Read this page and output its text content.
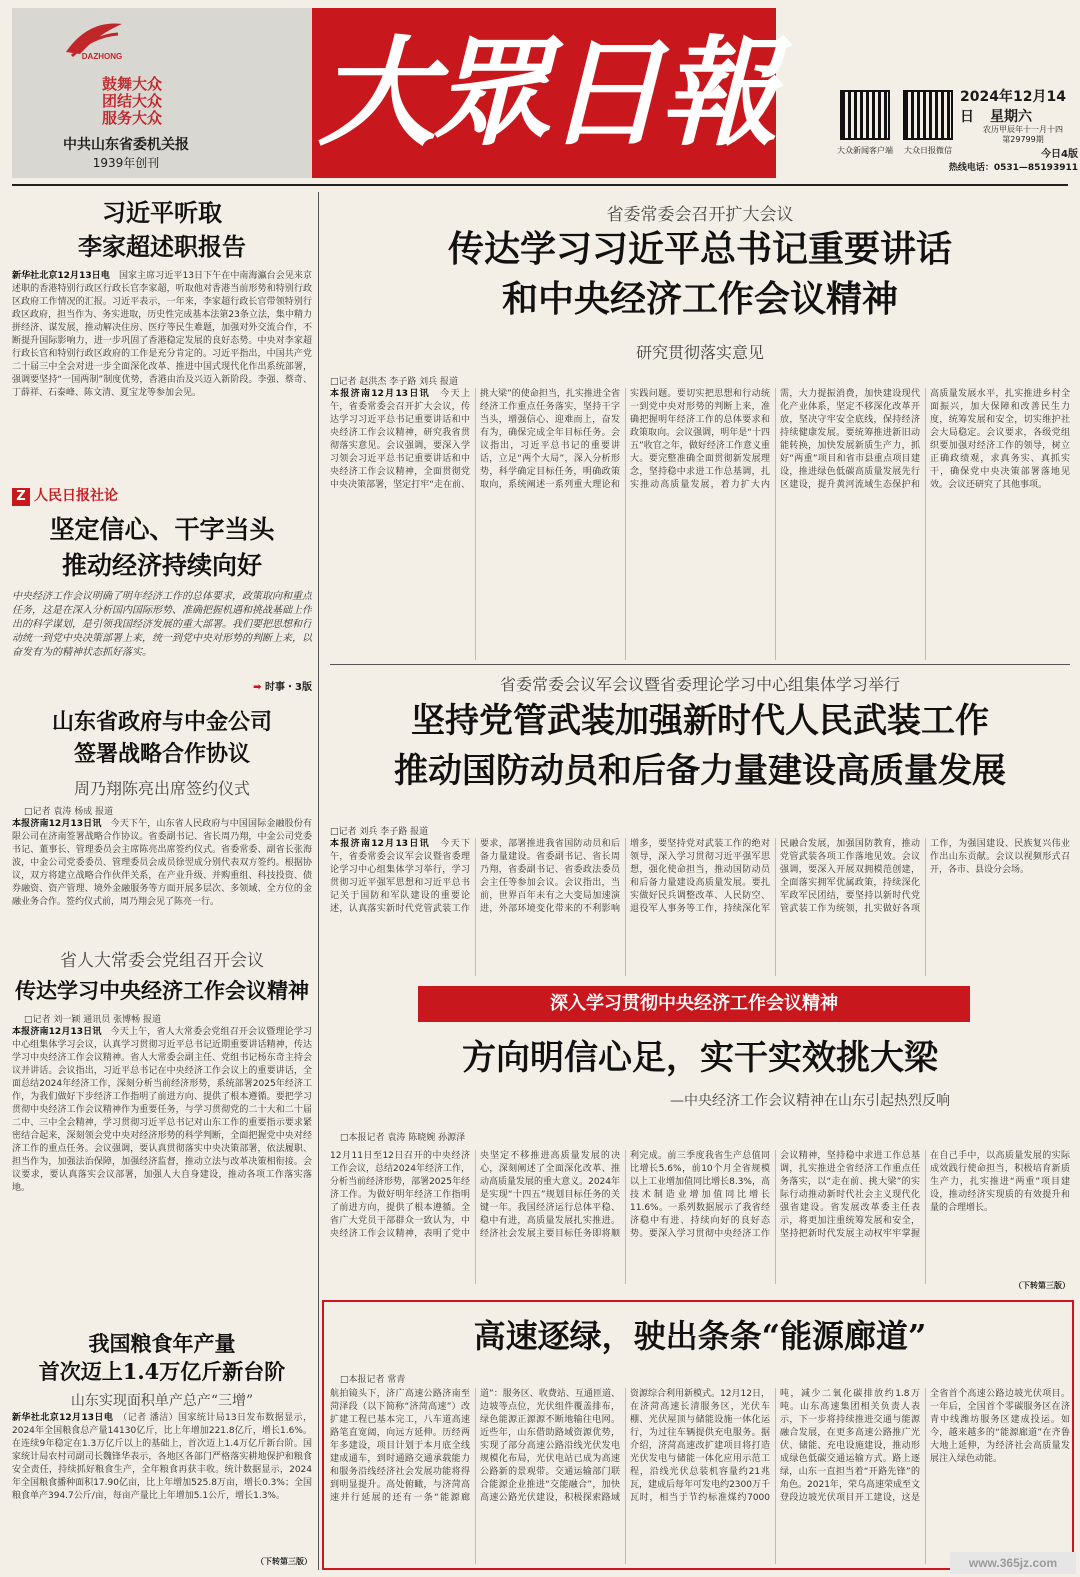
DAZHONG
鼓舞大众
团结大众
服务大众
中共山东省委机关报
1939年创刊
大眾日報	大众新闻客户端	大众日报微信
2024年12月14日	星期六
农历甲辰年十一月十四
第29799期
今日4版
热线电话：0531—85193911
习近平听取
李家超述职报告
新华社北京12月13日电　 国家主席习近平13日下午在中南海瀛台会见来京述职的香港特别行政区行政长官李家超，听取他对香港当前形势和特别行政区政府工作情况的汇报。习近平表示，一年来，李家超行政长官带领特别行政区政府，担当作为、务实进取，历史性完成基本法第23条立法，集中精力拼经济、谋发展，推动解决住房、医疗等民生难题，加强对外交流合作，不断提升国际影响力，进一步巩固了香港稳定发展的良好态势。中央对李家超行政长官和特别行政区政府的工作是充分肯定的。习近平指出，中国共产党二十届三中全会对进一步全面深化改革、推进中国式现代化作出系统部署，强调要坚持“一国两制”制度优势，香港由治及兴迈入新阶段。李强、蔡奇、丁薛祥、石泰峰、陈文清、夏宝龙等参加会见。
Z 人民日报社论
坚定信心、干字当头
推动经济持续向好
中央经济工作会议明确了明年经济工作的总体要求，政策取向和重点任务，这是在深入分析国内国际形势、准确把握机遇和挑战基础上作出的科学谋划，是引领我国经济发展的重大部署。我们要把思想和行动统一到党中央决策部署上来，统一到党中央对形势的判断上来，以奋发有为的精神状态抓好落实。
➡ 时事・3版
山东省政府与中金公司
签署战略合作协议
周乃翔陈亮出席签约仪式
□记者 袁涛 杨成 报道
本报济南12月13日讯　 今天下午，山东省人民政府与中国国际金融股份有限公司在济南签署战略合作协议。省委副书记、省长周乃翔，中金公司党委书记、董事长、管理委员会主席陈亮出席签约仪式。省委常委、副省长张海波，中金公司党委委员、管理委员会成员徐翌成分别代表双方签约。根据协议，双方将建立战略合作伙伴关系，在产业升级、并购重组、科技投资、债券融资、资产管理、境外金融服务等方面开展多层次、多领域、全方位的金融业务合作。签约仪式前，周乃翔会见了陈亮一行。
省人大常委会党组召开会议
传达学习中央经济工作会议精神
□记者 刘一颖 通讯员 张博畅 报道
本报济南12月13日讯　 今天上午，省人大常委会党组召开会议暨理论学习中心组集体学习会议，认真学习贯彻习近平总书记近期重要讲话精神，传达学习中央经济工作会议精神。省人大常委会副主任、党组书记杨东奇主持会议并讲话。会议指出，习近平总书记在中央经济工作会议上的重要讲话，全面总结2024年经济工作，深刻分析当前经济形势，系统部署2025年经济工作，为我们做好下步经济工作指明了前进方向、提供了根本遵循。要把学习贯彻中央经济工作会议精神作为重要任务，与学习贯彻党的二十大和二十届二中、三中全会精神，学习贯彻习近平总书记对山东工作的重要指示要求紧密结合起来，深刻领会党中央对经济形势的科学判断，全面把握党中央对经济工作的重点任务。会议强调，要认真贯彻落实中央决策部署，依法履职、担当作为，加强法治保障，加强经济监督，推动立法与改革决策相衔接。会议要求，要认真落实会议部署，加强人大自身建设，推动各项工作落实落地。
我国粮食年产量
首次迈上1.4万亿斤新台阶
山东实现面积单产总产“三增”
新华社北京12月13日电　 （记者 潘洁）国家统计局13日发布数据显示，2024年全国粮食总产量14130亿斤，比上年增加221.8亿斤，增长1.6%。在连续9年稳定在1.3万亿斤以上的基础上，首次迈上1.4万亿斤新台阶。国家统计局农村司副司长魏锋华表示，各地区各部门严格落实耕地保护和粮食安全责任，持续抓好粮食生产，全年粮食再获丰收。统计数据显示，2024年全国粮食播种面积17.90亿亩，比上年增加525.8万亩，增长0.3%；全国粮食单产394.7公斤/亩，每亩产量比上年增加5.1公斤，增长1.3%。
（下转第三版）
省委常委会召开扩大会议
传达学习习近平总书记重要讲话
和中央经济工作会议精神
研究贯彻落实意见
□记者 赵洪杰 李子路 刘兵 报道
本报济南12月13日讯　 今天上午，省委常委会召开扩大会议，传达学习习近平总书记重要讲话和中央经济工作会议精神，研究我省贯彻落实意见。会议强调，要深入学习领会习近平总书记重要讲话和中央经济工作会议精神，全面贯彻党中央决策部署，坚定打牢“走在前、挑大梁”的使命担当，扎实推进全省经济工作重点任务落实，坚持干字当头，增强信心、迎难而上，奋发有为，确保完成全年目标任务。会议指出，习近平总书记的重要讲话，立足“两个大局”，深入分析形势，科学确定目标任务，明确政策取向，系统阐述一系列重大理论和实践问题。要切实把思想和行动统一到党中央对形势的判断上来，准确把握明年经济工作的总体要求和政策取向。会议强调，明年是“十四五”收官之年，做好经济工作意义重大。要完整准确全面贯彻新发展理念，坚持稳中求进工作总基调，扎实推动高质量发展，着力扩大内需，大力提振消费，加快建设现代化产业体系，坚定不移深化改革开放，坚决守牢安全底线，保持经济持续健康发展。要统筹推进新旧动能转换，加快发展新质生产力，抓好“两重”项目和省市县重点项目建设，推进绿色低碳高质量发展先行区建设，提升黄河流域生态保护和高质量发展水平，扎实推进乡村全面振兴，加大保障和改善民生力度，统筹发展和安全，切实维护社会大局稳定。会议要求，各级党组织要加强对经济工作的领导，树立正确政绩观，求真务实、真抓实干，确保党中央决策部署落地见效。会议还研究了其他事项。
省委常委会议军会议暨省委理论学习中心组集体学习举行
坚持党管武装加强新时代人民武装工作
推动国防动员和后备力量建设高质量发展
□记者 刘兵 李子路 报道
本报济南12月13日讯　 今天下午，省委常委会议军会议暨省委理论学习中心组集体学习举行，学习贯彻习近平强军思想和习近平总书记关于国防和军队建设的重要论述，认真落实新时代党管武装工作要求，部署推进我省国防动员和后备力量建设。省委副书记、省长周乃翔，省委副书记、省委政法委员会主任等参加会议。会议指出，当前，世界百年未有之大变局加速演进，外部环境变化带来的不利影响增多，要坚持党对武装工作的绝对领导，深入学习贯彻习近平强军思想，强化使命担当，推动国防动员和后备力量建设高质量发展。要扎实做好民兵调整改革、人民防空、退役军人事务等工作，持续深化军民融合发展，加强国防教育，推动党管武装各项工作落地见效。会议强调，要深入开展双拥模范创建，全面落实拥军优属政策，持续深化军政军民团结，要坚持以新时代党管武装工作为统领，扎实做好各项工作，为强国建设、民族复兴伟业作出山东贡献。会议以视频形式召开，各市、县设分会场。
深入学习贯彻中央经济工作会议精神
方向明信心足，实干实效挑大梁
—中央经济工作会议精神在山东引起热烈反响
□本报记者 袁涛 陈晓婉 孙源泽
12月11日至12日召开的中央经济工作会议，总结2024年经济工作，分析当前经济形势，部署2025年经济工作。为做好明年经济工作指明了前进方向，提供了根本遵循。全省广大党员干部群众一致认为，中央经济工作会议精神，表明了党中央坚定不移推进高质量发展的决心，深刻阐述了全面深化改革、推动高质量发展的重大意义。2024年是实现“十四五”规划目标任务的关键一年。我国经济运行总体平稳、稳中有进，高质量发展扎实推进。经济社会发展主要目标任务即将顺利完成。前三季度我省生产总值同比增长5.6%，前10个月全省规模以上工业增加值同比增长8.3%，高技术制造业增加值同比增长11.6%。一系列数据展示了我省经济稳中有进、持续向好的良好态势。要深入学习贯彻中央经济工作会议精神，坚持稳中求进工作总基调，扎实推进全省经济工作重点任务落实，以“走在前、挑大梁”的实际行动推动新时代社会主义现代化强省建设。省发展改革委主任表示，将更加注重统筹发展和安全，坚持把新时代发展主动权牢牢掌握在自己手中，以高质量发展的实际成效践行使命担当，积极培育新质生产力，扎实推进“两重”项目建设，推动经济实现质的有效提升和量的合理增长。
（下转第三版）
高速逐绿，驶出条条“能源廊道”
□本报记者 常青
航拍镜头下，济广高速公路济南至菏泽段（以下简称“济菏高速”）改扩建工程已基本完工，八车道高速路笔直宽阔，向远方延伸。历经两年多建设，项目计划于本月底全线建成通车，到时通路交通承载能力和服务沿线经济社会发展功能将得到明显提升。高处俯瞰，与济菏高速并行延展的还有一条“能源廊道”：服务区、收费站、互通匝道、边坡等点位，光伏组件覆盖排布，绿色能源正源源不断地输往电网。近些年，山东借助路域资源优势，实现了部分高速公路沿线光伏发电规模化布局，光伏电站已成为高速公路新的景观带。交通运输部门联合能源企业推进“交能融合”，加快高速公路光伏建设，积极探索路域资源综合利用新模式。12月12日，在济菏高速长清服务区，光伏车棚、光伏屋顶与储能设施一体化运行，为过往车辆提供充电服务。据介绍，济菏高速改扩建项目将打造光伏发电与储能一体化应用示范工程，沿线光伏总装机容量约21兆瓦，建成后每年可发电约2300万千瓦时，相当于节约标准煤约7000吨，减少二氧化碳排放约1.8万吨。山东高速集团相关负责人表示，下一步将持续推进交通与能源融合发展，在更多高速公路推广光伏、储能、充电设施建设，推动形成绿色低碳交通运输方式。路上逐绿，山东一直担当着“开路先锋”的角色。2021年，荣乌高速荣成至文登段边坡光伏项目开工建设，这是全省首个高速公路边坡光伏项目。一年后，全国首个零碳服务区在济青中线潍坊服务区建成投运。如今，越来越多的“能源廊道”在齐鲁大地上延伸，为经济社会高质量发展注入绿色动能。
www.365jz.com
